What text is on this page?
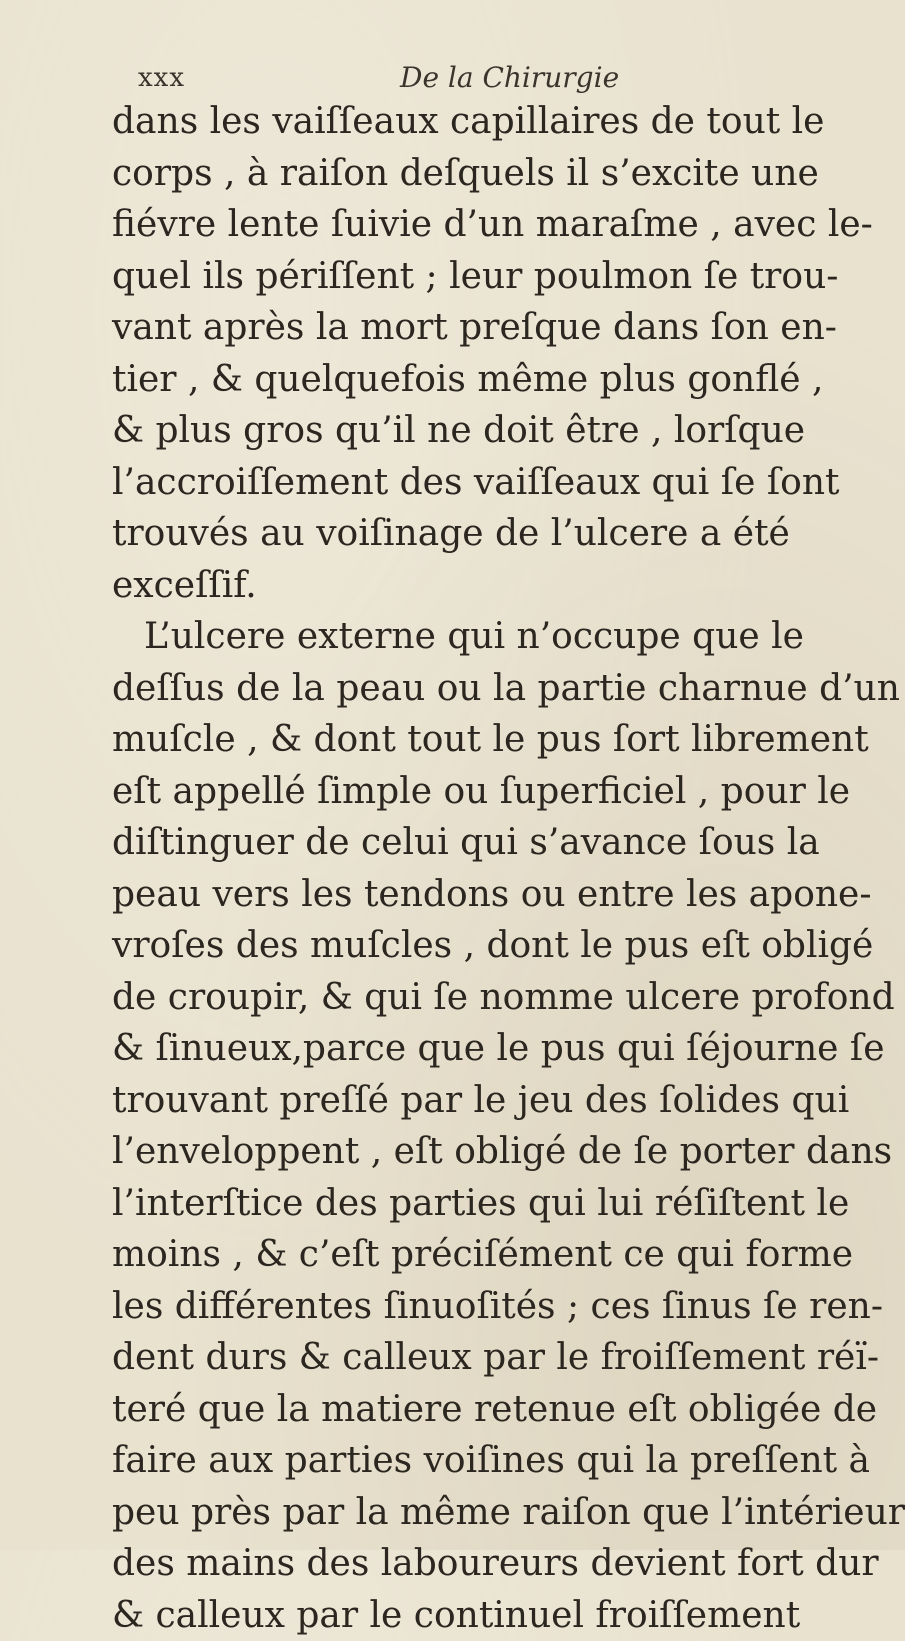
xxx	De la Chirurgie
dans les vaiſſeaux capillaires de tout le
corps , à raiſon deſquels il s’excite une
fiévre lente ſuivie d’un maraſme , avec le-
quel ils périſſent ; leur poulmon ſe trou-
vant après la mort preſque dans ſon en-
tier , & quelquefois même plus gonflé ,
& plus gros qu’il ne doit être , lorſque
l’accroiſſement des vaiſſeaux qui ſe ſont
trouvés au voiſinage de l’ulcere a été
exceſſif.
L’ulcere externe qui n’occupe que le
deſſus de la peau ou la partie charnue d’un
muſcle , & dont tout le pus ſort librement
eſt appellé ſimple ou ſuperficiel , pour le
diſtinguer de celui qui s’avance ſous la
peau vers les tendons ou entre les apone-
vroſes des muſcles , dont le pus eſt obligé
de croupir, & qui ſe nomme ulcere profond
& ſinueux,parce que le pus qui ſéjourne ſe
trouvant preſſé par le jeu des ſolides qui
l’enveloppent , eſt obligé de ſe porter dans
l’interſtice des parties qui lui réſiſtent le
moins , & c’eſt préciſément ce qui forme
les différentes ſinuoſités ; ces ſinus ſe ren-
dent durs & calleux par le froiſſement réï-
teré que la matiere retenue eſt obligée de
faire aux parties voiſines qui la preſſent à
peu près par la même raiſon que l’intérieur
des mains des laboureurs devient fort dur
& calleux par le continuel froiſſement
